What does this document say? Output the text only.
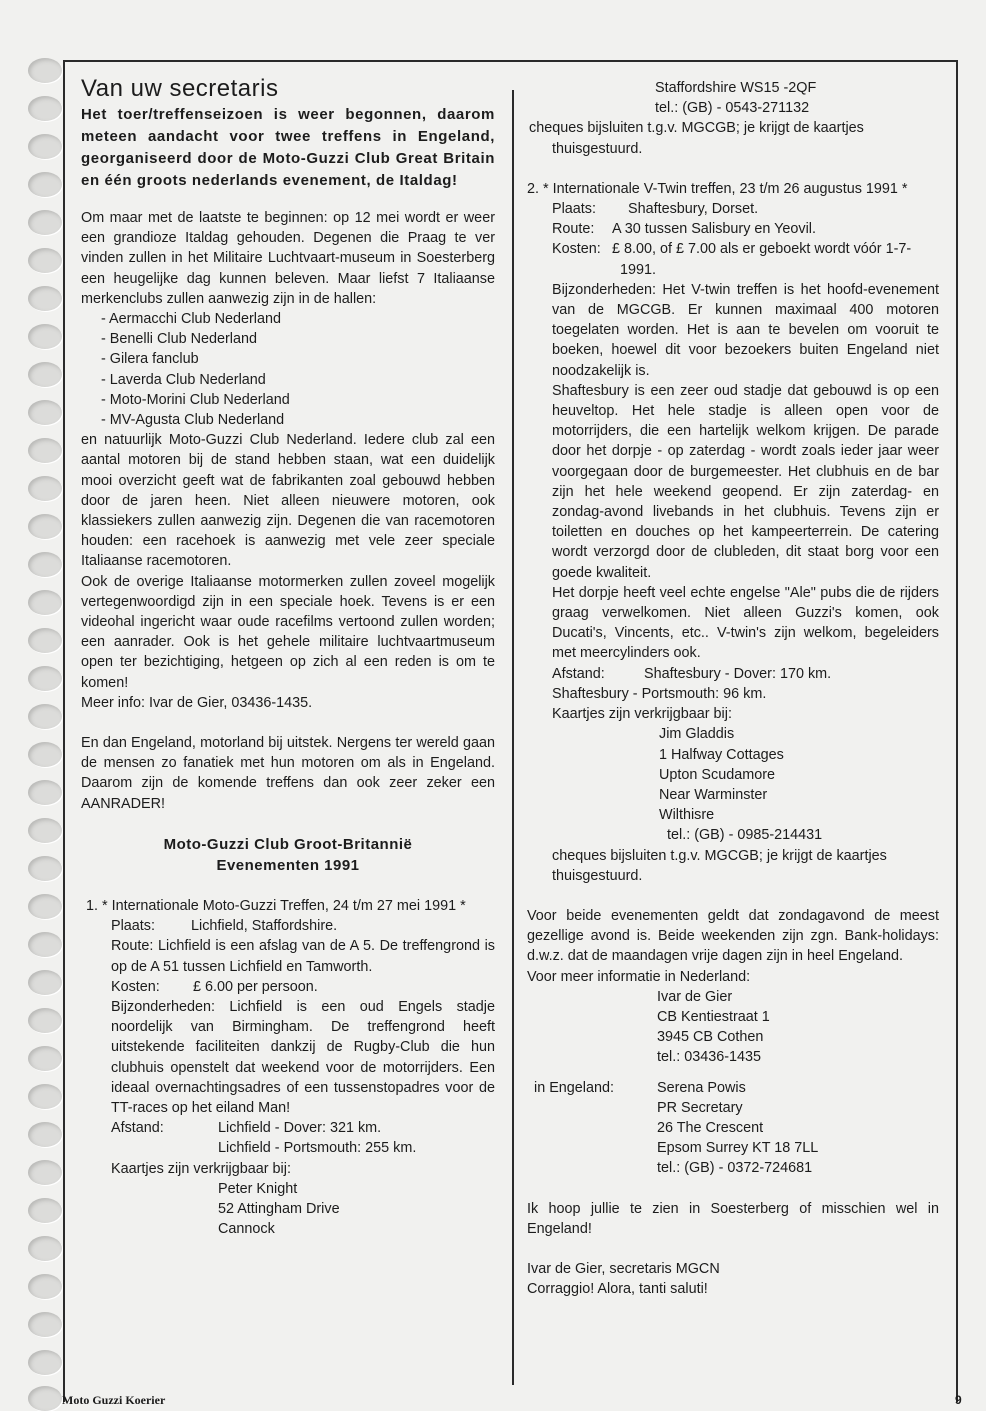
Van uw secretaris

Het toer/treffenseizoen is weer begonnen, daarom meteen aandacht voor twee treffens in Engeland, georganiseerd door de Moto-Guzzi Club Great Britain en één groots nederlands evenement, de Italdag!

Om maar met de laatste te beginnen: op 12 mei wordt er weer een grandioze Italdag gehouden. Degenen die Praag te ver vinden zullen in het Militaire Luchtvaart-museum in Soesterberg een heugelijke dag kunnen beleven. Maar liefst 7 Italiaanse merkenclubs zullen aanwezig zijn in de hallen:

- Aermacchi Club Nederland

- Benelli Club Nederland

- Gilera fanclub

- Laverda Club Nederland

- Moto-Morini Club Nederland

- MV-Agusta Club Nederland

en natuurlijk Moto-Guzzi Club Nederland. Iedere club zal een aantal motoren bij de stand hebben staan, wat een duidelijk mooi overzicht geeft wat de fabrikanten zoal gebouwd hebben door de jaren heen. Niet alleen nieuwere motoren, ook klassiekers zullen aanwezig zijn. Degenen die van racemotoren houden: een racehoek is aanwezig met vele zeer speciale Italiaanse racemotoren.

Ook de overige Italiaanse motormerken zullen zoveel mogelijk vertegenwoordigd zijn in een speciale hoek. Tevens is er een videohal ingericht waar oude racefilms vertoond zullen worden; een aanrader. Ook is het gehele militaire luchtvaartmuseum open ter bezichtiging, hetgeen op zich al een reden is om te komen!

Meer info: Ivar de Gier, 03436-1435.

En dan Engeland, motorland bij uitstek. Nergens ter wereld gaan de mensen zo fanatiek met hun motoren om als in Engeland. Daarom zijn de komende treffens dan ook zeer zeker een AANRADER!

Moto-Guzzi Club Groot-Britannië

Evenementen 1991

1. * Internationale Moto-Guzzi Treffen, 24 t/m 27 mei 1991 *

Plaats:	Lichfield, Staffordshire.

Route: Lichfield is een afslag van de A 5. De treffengrond is op de A 51 tussen Lichfield en Tamworth.

Kosten: £ 6.00 per persoon.

Bijzonderheden: Lichfield is een oud Engels stadje noordelijk van Birmingham. De treffengrond heeft uitstekende faciliteiten dankzij de Rugby-Club die hun clubhuis openstelt dat weekend voor de motorrijders. Een ideaal overnachtingsadres of een tussenstopadres voor de TT-races op het eiland Man!

Afstand:	Lichfield - Dover: 321 km.

Lichfield - Portsmouth: 255 km.

Kaartjes zijn verkrijgbaar bij:

Peter Knight

52 Attingham Drive

Cannock

Staffordshire WS15 -2QF

tel.: (GB) - 0543-271132

cheques bijsluiten t.g.v. MGCGB; je krijgt de kaartjes thuisgestuurd.

2. * Internationale V-Twin treffen, 23 t/m 26 augustus 1991 *

Plaats: Shaftesbury, Dorset.

Route: A 30 tussen Salisbury en Yeovil.

Kosten: £ 8.00, of £ 7.00 als er geboekt wordt vóór 1-7-1991.

Bijzonderheden: Het V-twin treffen is het hoofd-evenement van de MGCGB. Er kunnen maximaal 400 motoren toegelaten worden. Het is aan te bevelen om vooruit te boeken, hoewel dit voor bezoekers buiten Engeland niet noodzakelijk is.

Shaftesbury is een zeer oud stadje dat gebouwd is op een heuveltop. Het hele stadje is alleen open voor de motorrijders, die een hartelijk welkom krijgen. De parade door het dorpje - op zaterdag - wordt zoals ieder jaar weer voorgegaan door de burgemeester. Het clubhuis en de bar zijn het hele weekend geopend. Er zijn zaterdag- en zondag-avond livebands in het clubhuis. Tevens zijn er toiletten en douches op het kampeerterrein. De catering wordt verzorgd door de clubleden, dit staat borg voor een goede kwaliteit.

Het dorpje heeft veel echte engelse "Ale" pubs die de rijders graag verwelkomen. Niet alleen Guzzi's komen, ook Ducati's, Vincents, etc.. V-twin's zijn welkom, begeleiders met meercylinders ook.

Afstand:	Shaftesbury - Dover: 170 km.

Shaftesbury - Portsmouth: 96 km.

Kaartjes zijn verkrijgbaar bij:

Jim Gladdis

1 Halfway Cottages

Upton Scudamore

Near Warminster

Wilthisre

tel.: (GB) - 0985-214431

cheques bijsluiten t.g.v. MGCGB; je krijgt de kaartjes thuisgestuurd.

Voor beide evenementen geldt dat zondagavond de meest gezellige avond is. Beide weekenden zijn zgn. Bank-holidays: d.w.z. dat de maandagen vrije dagen zijn in heel Engeland.

Voor meer informatie in Nederland:

Ivar de Gier

CB Kentiestraat 1

3945 CB Cothen

tel.: 03436-1435

in Engeland:	Serena Powis

PR Secretary

26 The Crescent

Epsom Surrey KT 18 7LL

tel.: (GB) - 0372-724681

Ik hoop jullie te zien in Soesterberg of misschien wel in Engeland!

Ivar de Gier, secretaris MGCN

Corraggio! Alora, tanti saluti!

Moto Guzzi Koerier	9
